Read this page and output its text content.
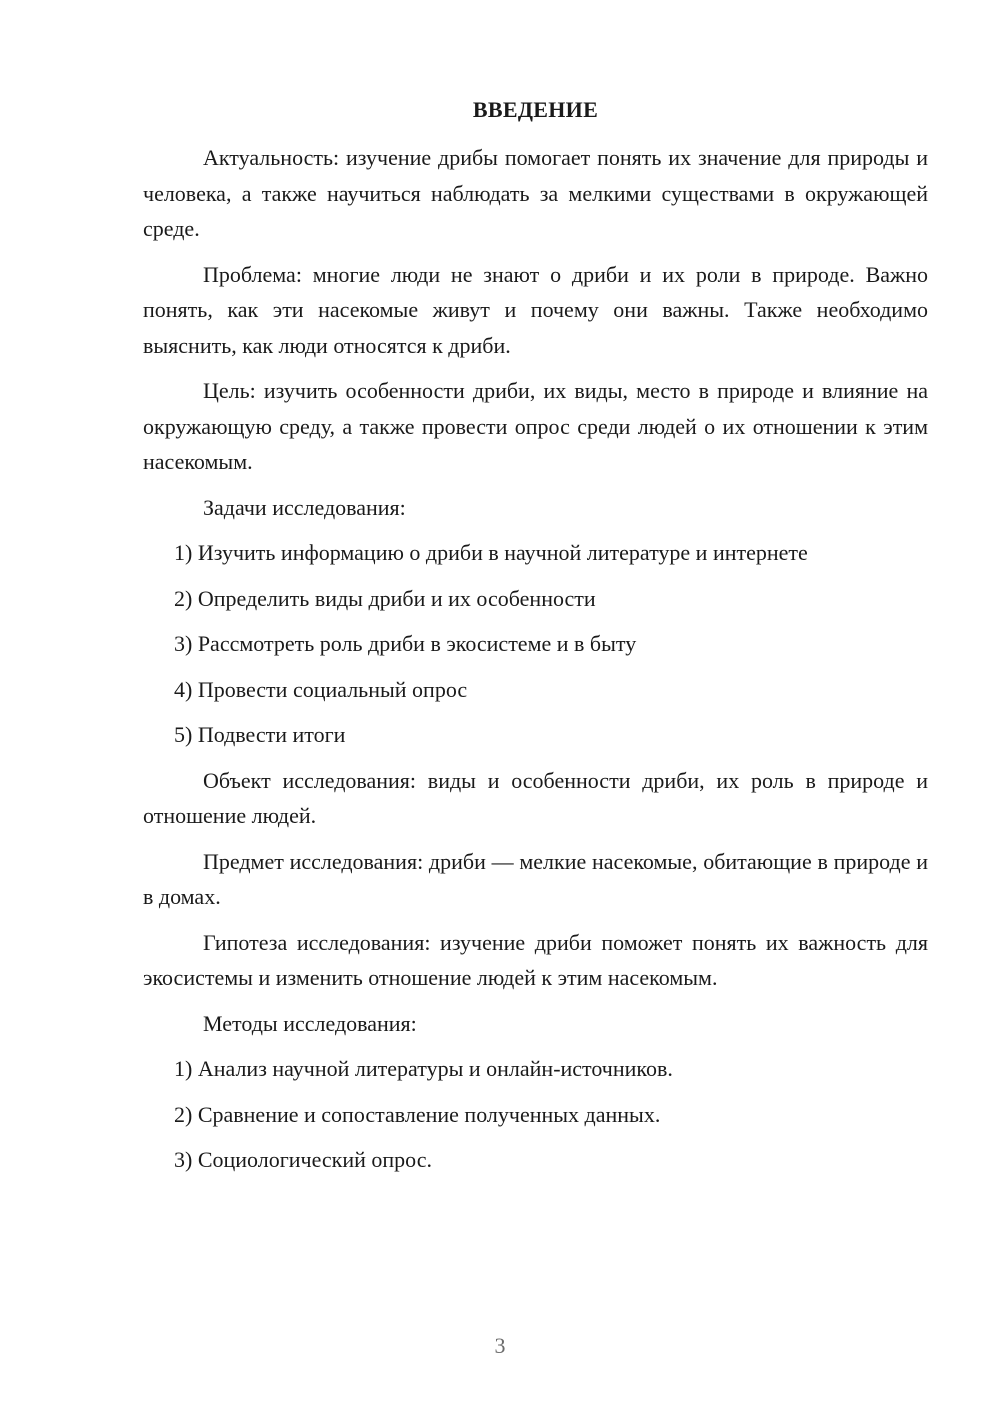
ВВЕДЕНИЕ

Актуальность: изучение дрибы помогает понять их значение для природы и человека, а также научиться наблюдать за мелкими существами в окружающей среде.

Проблема: многие люди не знают о дриби и их роли в природе. Важно понять, как эти насекомые живут и почему они важны. Также необходимо выяснить, как люди относятся к дриби.

Цель: изучить особенности дриби, их виды, место в природе и влияние на окружающую среду, а также провести опрос среди людей о их отношении к этим насекомым.

Задачи исследования:

1) Изучить информацию о дриби в научной литературе и интернете
2) Определить виды дриби и их особенности
3) Рассмотреть роль дриби в экосистеме и в быту
4) Провести социальный опрос
5) Подвести итоги

Объект исследования: виды и особенности дриби, их роль в природе и отношение людей.

Предмет исследования: дриби — мелкие насекомые, обитающие в природе и в домах.

Гипотеза исследования: изучение дриби поможет понять их важность для экосистемы и изменить отношение людей к этим насекомым.

Методы исследования:

1) Анализ научной литературы и онлайн-источников.
2) Сравнение и сопоставление полученных данных.
3) Социологический опрос.
3
